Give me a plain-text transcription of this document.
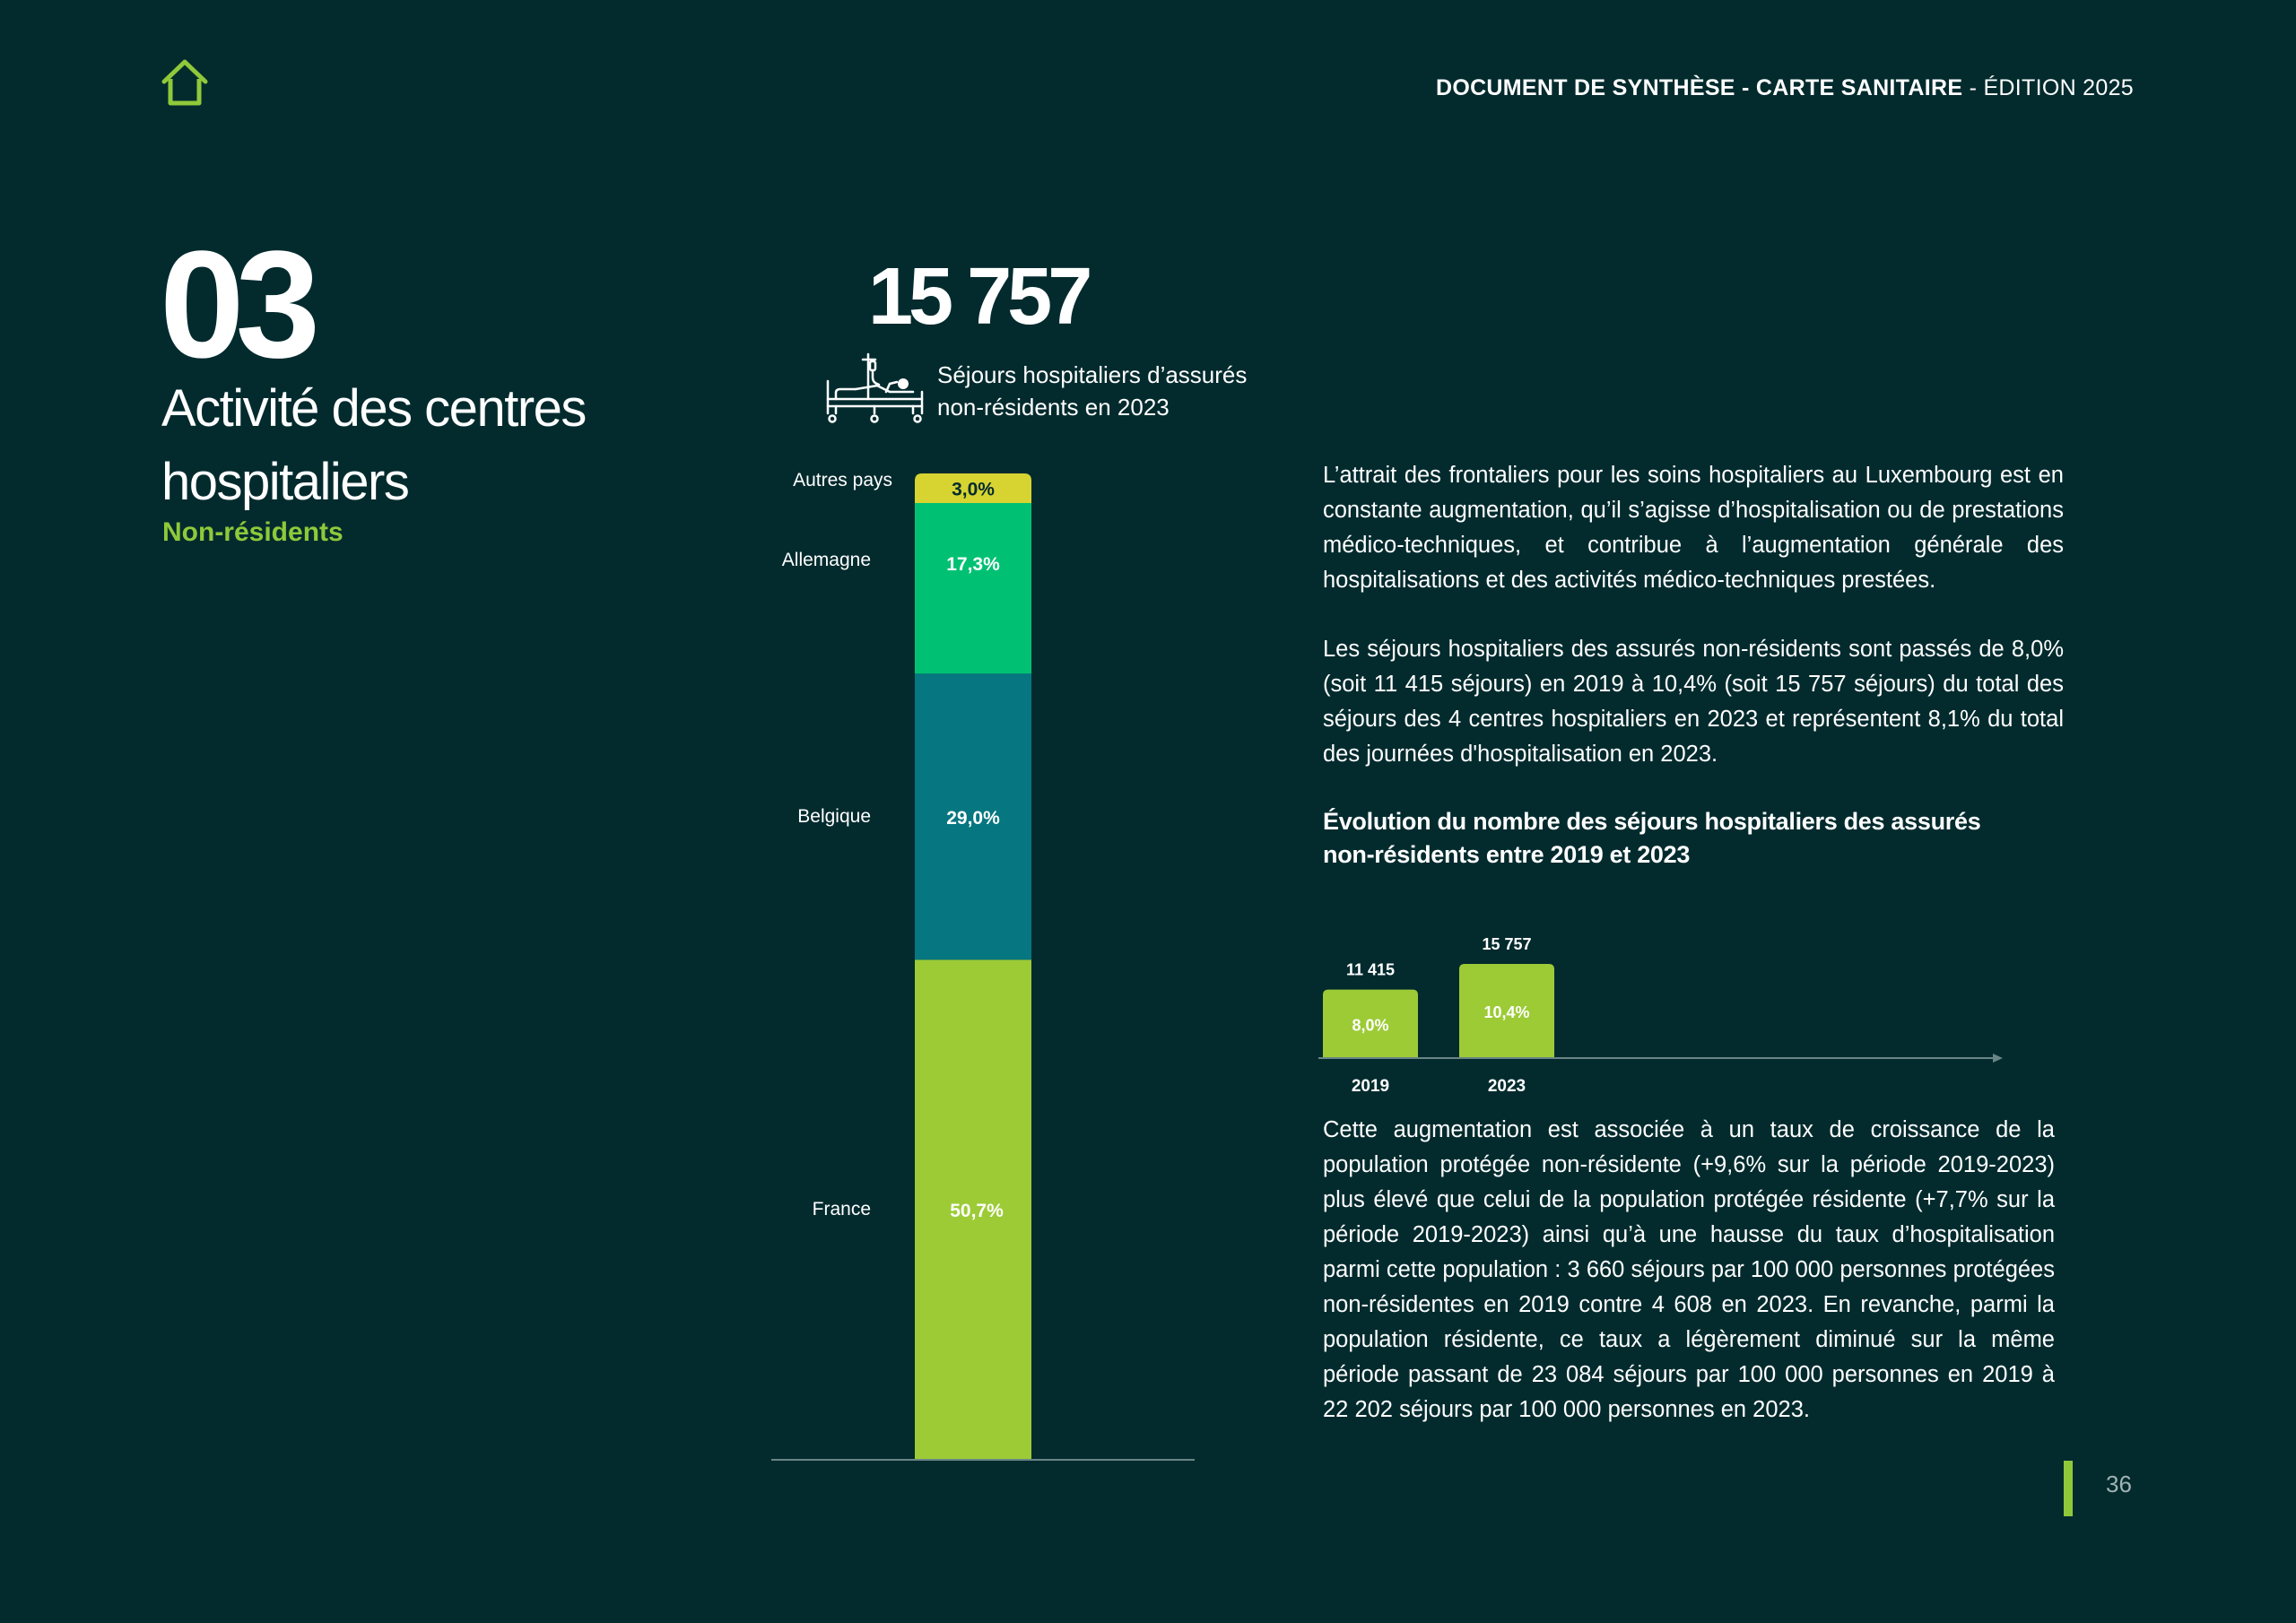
DOCUMENT DE SYNTHÈSE - CARTE SANITAIRE - ÉDITION 2025
03
Activité des centres hospitaliers
Non-résidents
15 757
Séjours hospitaliers d’assurés
non-résidents en 2023
50,7%
France
29,0%
Belgique
17,3%
Allemagne
3,0%
Autres pays	L’attrait des frontaliers pour les soins hospitaliers au Luxembourg est en constante augmentation, qu’il s’agisse d’hospitalisation ou de prestations médico-techniques, et contribue à l’augmentation générale des hospitalisations et des activités médico-techniques prestées.
Les séjours hospitaliers des assurés non-résidents sont passés de 8,0% (soit 11 415 séjours) en 2019 à 10,4% (soit 15 757 séjours) du total des séjours des 4 centres hospitaliers en 2023 et représentent 8,1% du total des journées d'hospitalisation en 2023.
Évolution du nombre des séjours hospitaliers des assurés non-résidents entre 2019 et 2023
11 415
8,0%
2019
15 757
10,4%
2023
Cette augmentation est associée à un taux de croissance de la population protégée non-résidente (+9,6% sur la période 2019-2023) plus élevé que celui de la population protégée résidente (+7,7% sur la période 2019-2023) ainsi qu’à une hausse du taux d’hospitalisation parmi cette population : 3 660 séjours par 100 000 personnes protégées non-résidentes en 2019 contre 4 608 en 2023. En revanche, parmi la population résidente, ce taux a légèrement diminué sur la même période passant de 23 084 séjours par 100 000 personnes en 2019 à 22 202 séjours par 100 000 personnes en 2023.
36
